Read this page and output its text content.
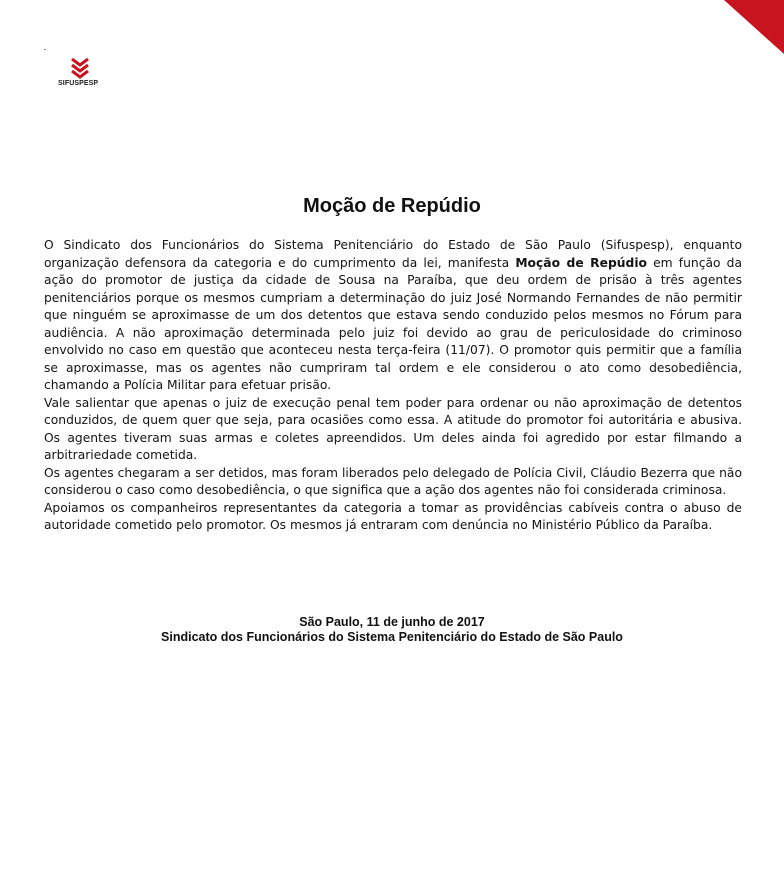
SIFUSPESP
Moção de Repúdio

O Sindicato dos Funcionários do Sistema Penitenciário do Estado de São Paulo (Sifuspesp), enquanto organização defensora da categoria e do cumprimento da lei, manifesta Moção de Repúdio em função da ação do promotor de justiça da cidade de Sousa na Paraíba, que deu ordem de prisão à três agentes penitenciários porque os mesmos cumpriam a determinação do juiz José Normando Fernandes de não permitir que ninguém se aproximasse de um dos detentos que estava sendo conduzido pelos mesmos no Fórum para audiência. A não aproximação determinada pelo juiz foi devido ao grau de periculosidade do criminoso envolvido no caso em questão que aconteceu nesta terça-feira (11/07). O promotor quis permitir que a família se aproximasse, mas os agentes não cumpriram tal ordem e ele considerou o ato como desobediência, chamando a Polícia Militar para efetuar prisão.

Vale salientar que apenas o juiz de execução penal tem poder para ordenar ou não aproximação de detentos conduzidos, de quem quer que seja, para ocasiões como essa. A atitude do promotor foi autoritária e abusiva. Os agentes tiveram suas armas e coletes apreendidos. Um deles ainda foi agredido por estar filmando a arbitrariedade cometida.

Os agentes chegaram a ser detidos, mas foram liberados pelo delegado de Polícia Civil, Cláudio Bezerra que não considerou o caso como desobediência, o que significa que a ação dos agentes não foi considerada criminosa.

Apoiamos os companheiros representantes da categoria a tomar as providências cabíveis contra o abuso de autoridade cometido pelo promotor. Os mesmos já entraram com denúncia no Ministério Público da Paraíba.

São Paulo, 11 de junho de 2017
Sindicato dos Funcionários do Sistema Penitenciário do Estado de São Paulo
